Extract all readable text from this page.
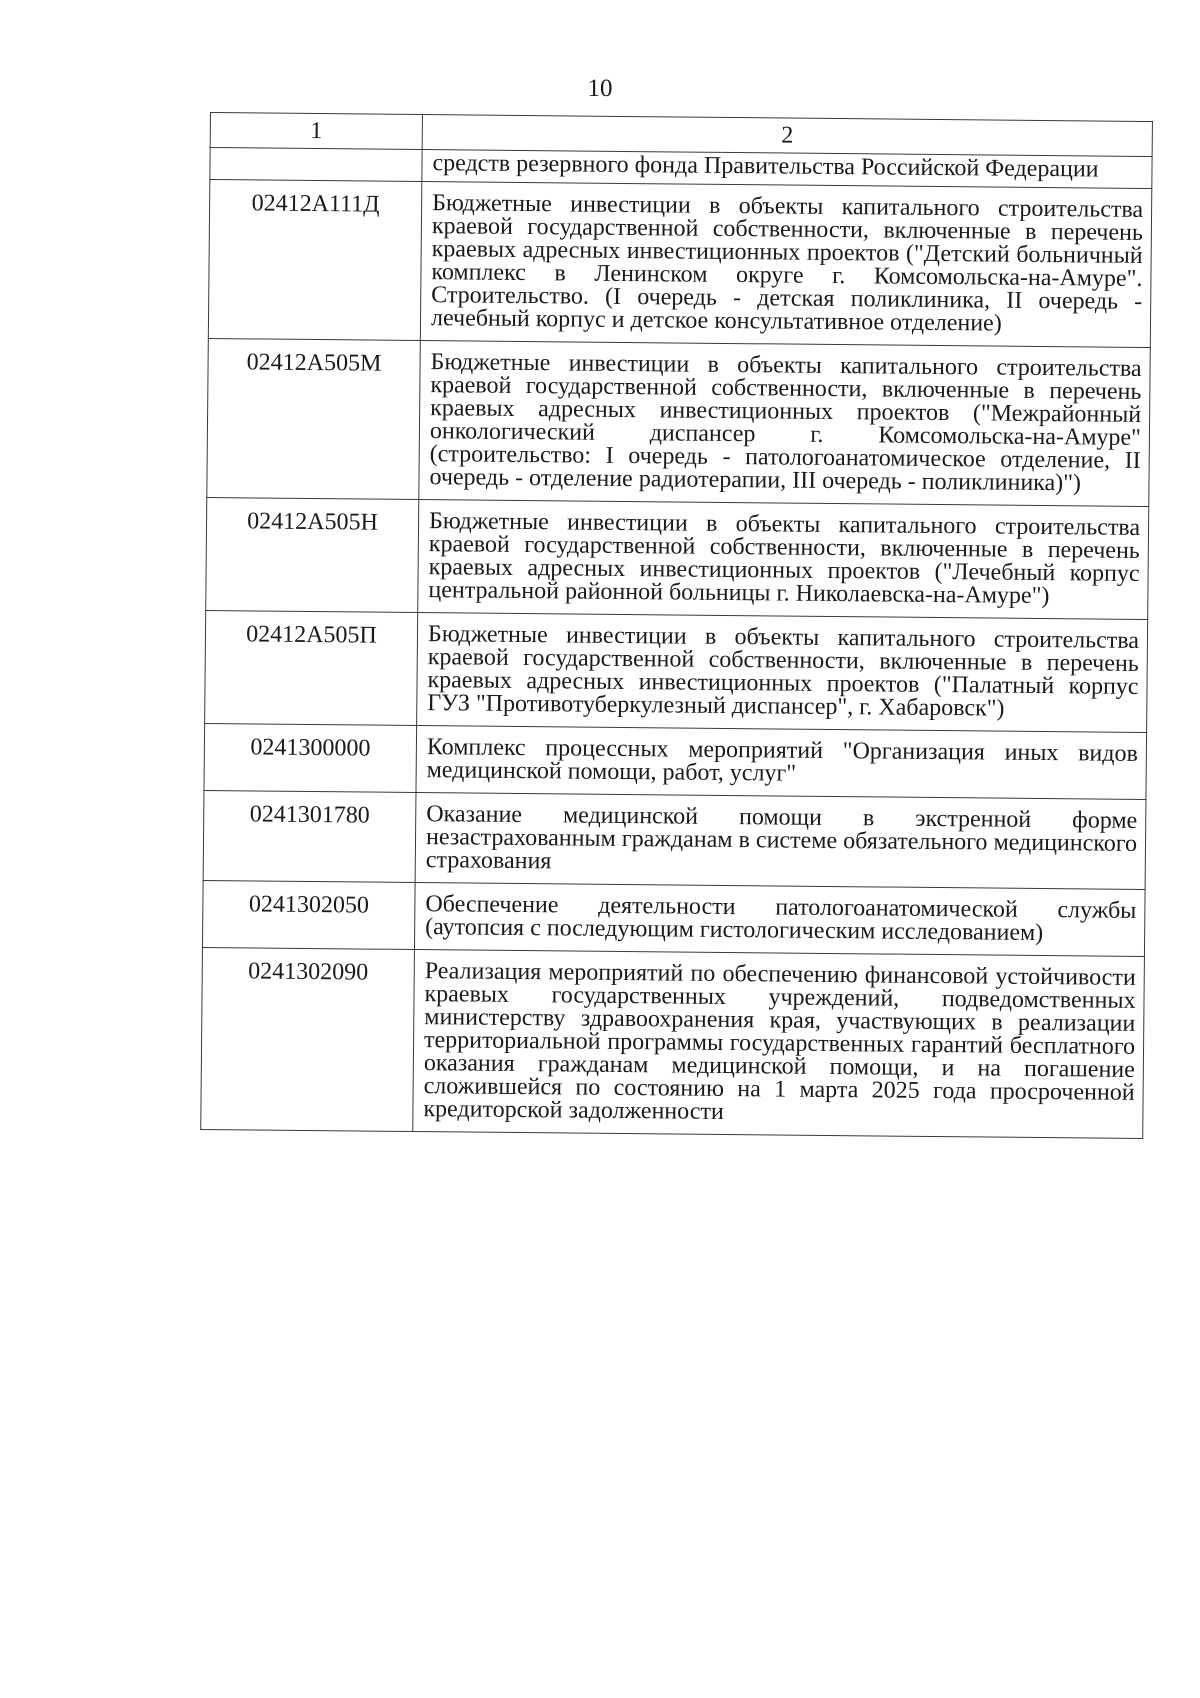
10
1	2
	средств резервного фонда Правительства Российской Федерации
02412А111Д	Бюджетные инвестиции в объекты капитального строительства краевой государственной собственности, включенные в перечень краевых адресных инвестиционных проектов ("Детский больничный комплекс в Ленинском округе г. Комсомольска-на-Амуре". Строительство. (I очередь - детская поликлиника, II очередь - лечебный корпус и детское консультативное отделение)
02412А505М	Бюджетные инвестиции в объекты капитального строительства краевой государственной собственности, включенные в перечень краевых адресных инвестиционных проектов ("Межрайонный онкологический диспансер г. Комсомольска-на-Амуре" (строительство: I очередь - патологоанатомическое отделение, II очередь - отделение радиотерапии, III очередь - поликлиника)")
02412А505Н	Бюджетные инвестиции в объекты капитального строительства краевой государственной собственности, включенные в перечень краевых адресных инвестиционных проектов ("Лечебный корпус центральной районной больницы г. Николаевска-на-Амуре")
02412А505П	Бюджетные инвестиции в объекты капитального строительства краевой государственной собственности, включенные в перечень краевых адресных инвестиционных проектов ("Палатный корпус ГУЗ "Противотуберкулезный диспансер", г. Хабаровск")
0241300000	Комплекс процессных мероприятий "Организация иных видов медицинской помощи, работ, услуг"
0241301780	Оказание медицинской помощи в экстренной форме незастрахованным гражданам в системе обязательного медицинского страхования
0241302050	Обеспечение деятельности патологоанатомической службы (аутопсия с последующим гистологическим исследованием)
0241302090	Реализация мероприятий по обеспечению финансовой устойчивости краевых государственных учреждений, подведомственных министерству здравоохранения края, участвующих в реализации территориальной программы государственных гарантий бесплатного оказания гражданам медицинской помощи, и на погашение сложившейся по состоянию на 1 марта 2025 года просроченной кредиторской задолженности
